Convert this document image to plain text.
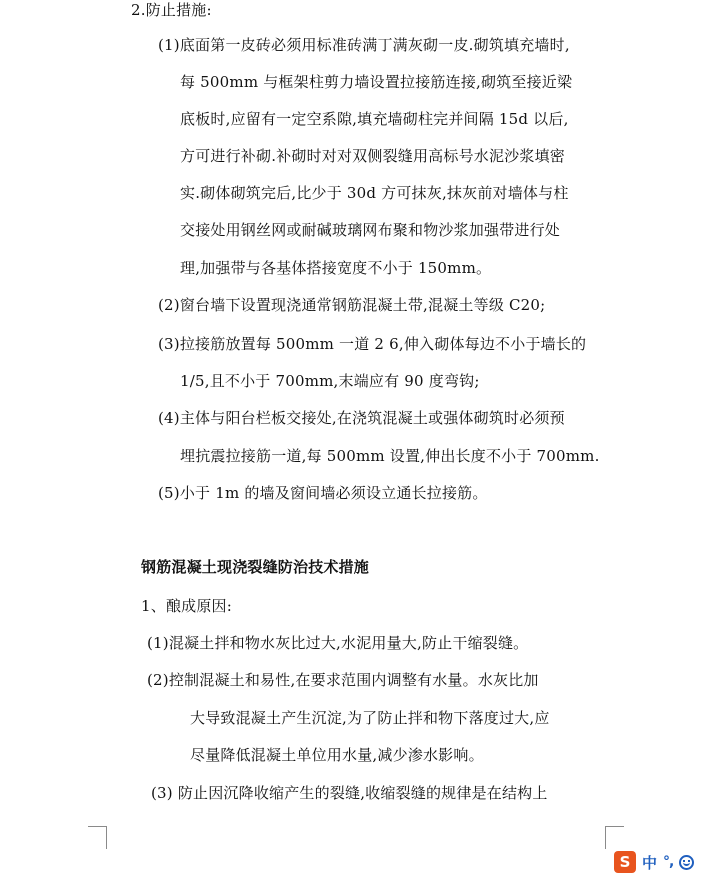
2.防止措施:
(1)底面第一皮砖必须用标准砖满丁满灰砌一皮.砌筑填充墙时,
每 500mm 与框架柱剪力墙设置拉接筋连接,砌筑至接近梁
底板时,应留有一定空系隙,填充墙砌柱完并间隔 15d 以后,
方可进行补砌.补砌时对对双侧裂缝用高标号水泥沙浆填密
实.砌体砌筑完后,比少于 30d 方可抹灰,抹灰前对墙体与柱
交接处用钢丝网或耐碱玻璃网布聚和物沙浆加强带进行处
理,加强带与各基体搭接宽度不小于 150mm。
(2)窗台墙下设置现浇通常钢筋混凝土带,混凝土等级 C20;
(3)拉接筋放置每 500mm 一道 2 6,伸入砌体每边不小于墙长的
1/5,且不小于 700mm,末端应有 90 度弯钩;
(4)主体与阳台栏板交接处,在浇筑混凝土或强体砌筑时必须预
埋抗震拉接筋一道,每 500mm 设置,伸出长度不小于 700mm.
(5)小于 1m 的墙及窗间墙必须设立通长拉接筋。
钢筋混凝土现浇裂缝防治技术措施
1、酿成原因:
(1)混凝土拌和物水灰比过大,水泥用量大,防止干缩裂缝。
(2)控制混凝土和易性,在要求范围内调整有水量。水灰比加
大导致混凝土产生沉淀,为了防止拌和物下落度过大,应
尽量降低混凝土单位用水量,减少渗水影响。
(3) 防止因沉降收缩产生的裂缝,收缩裂缝的规律是在结构上
S 中 °,
